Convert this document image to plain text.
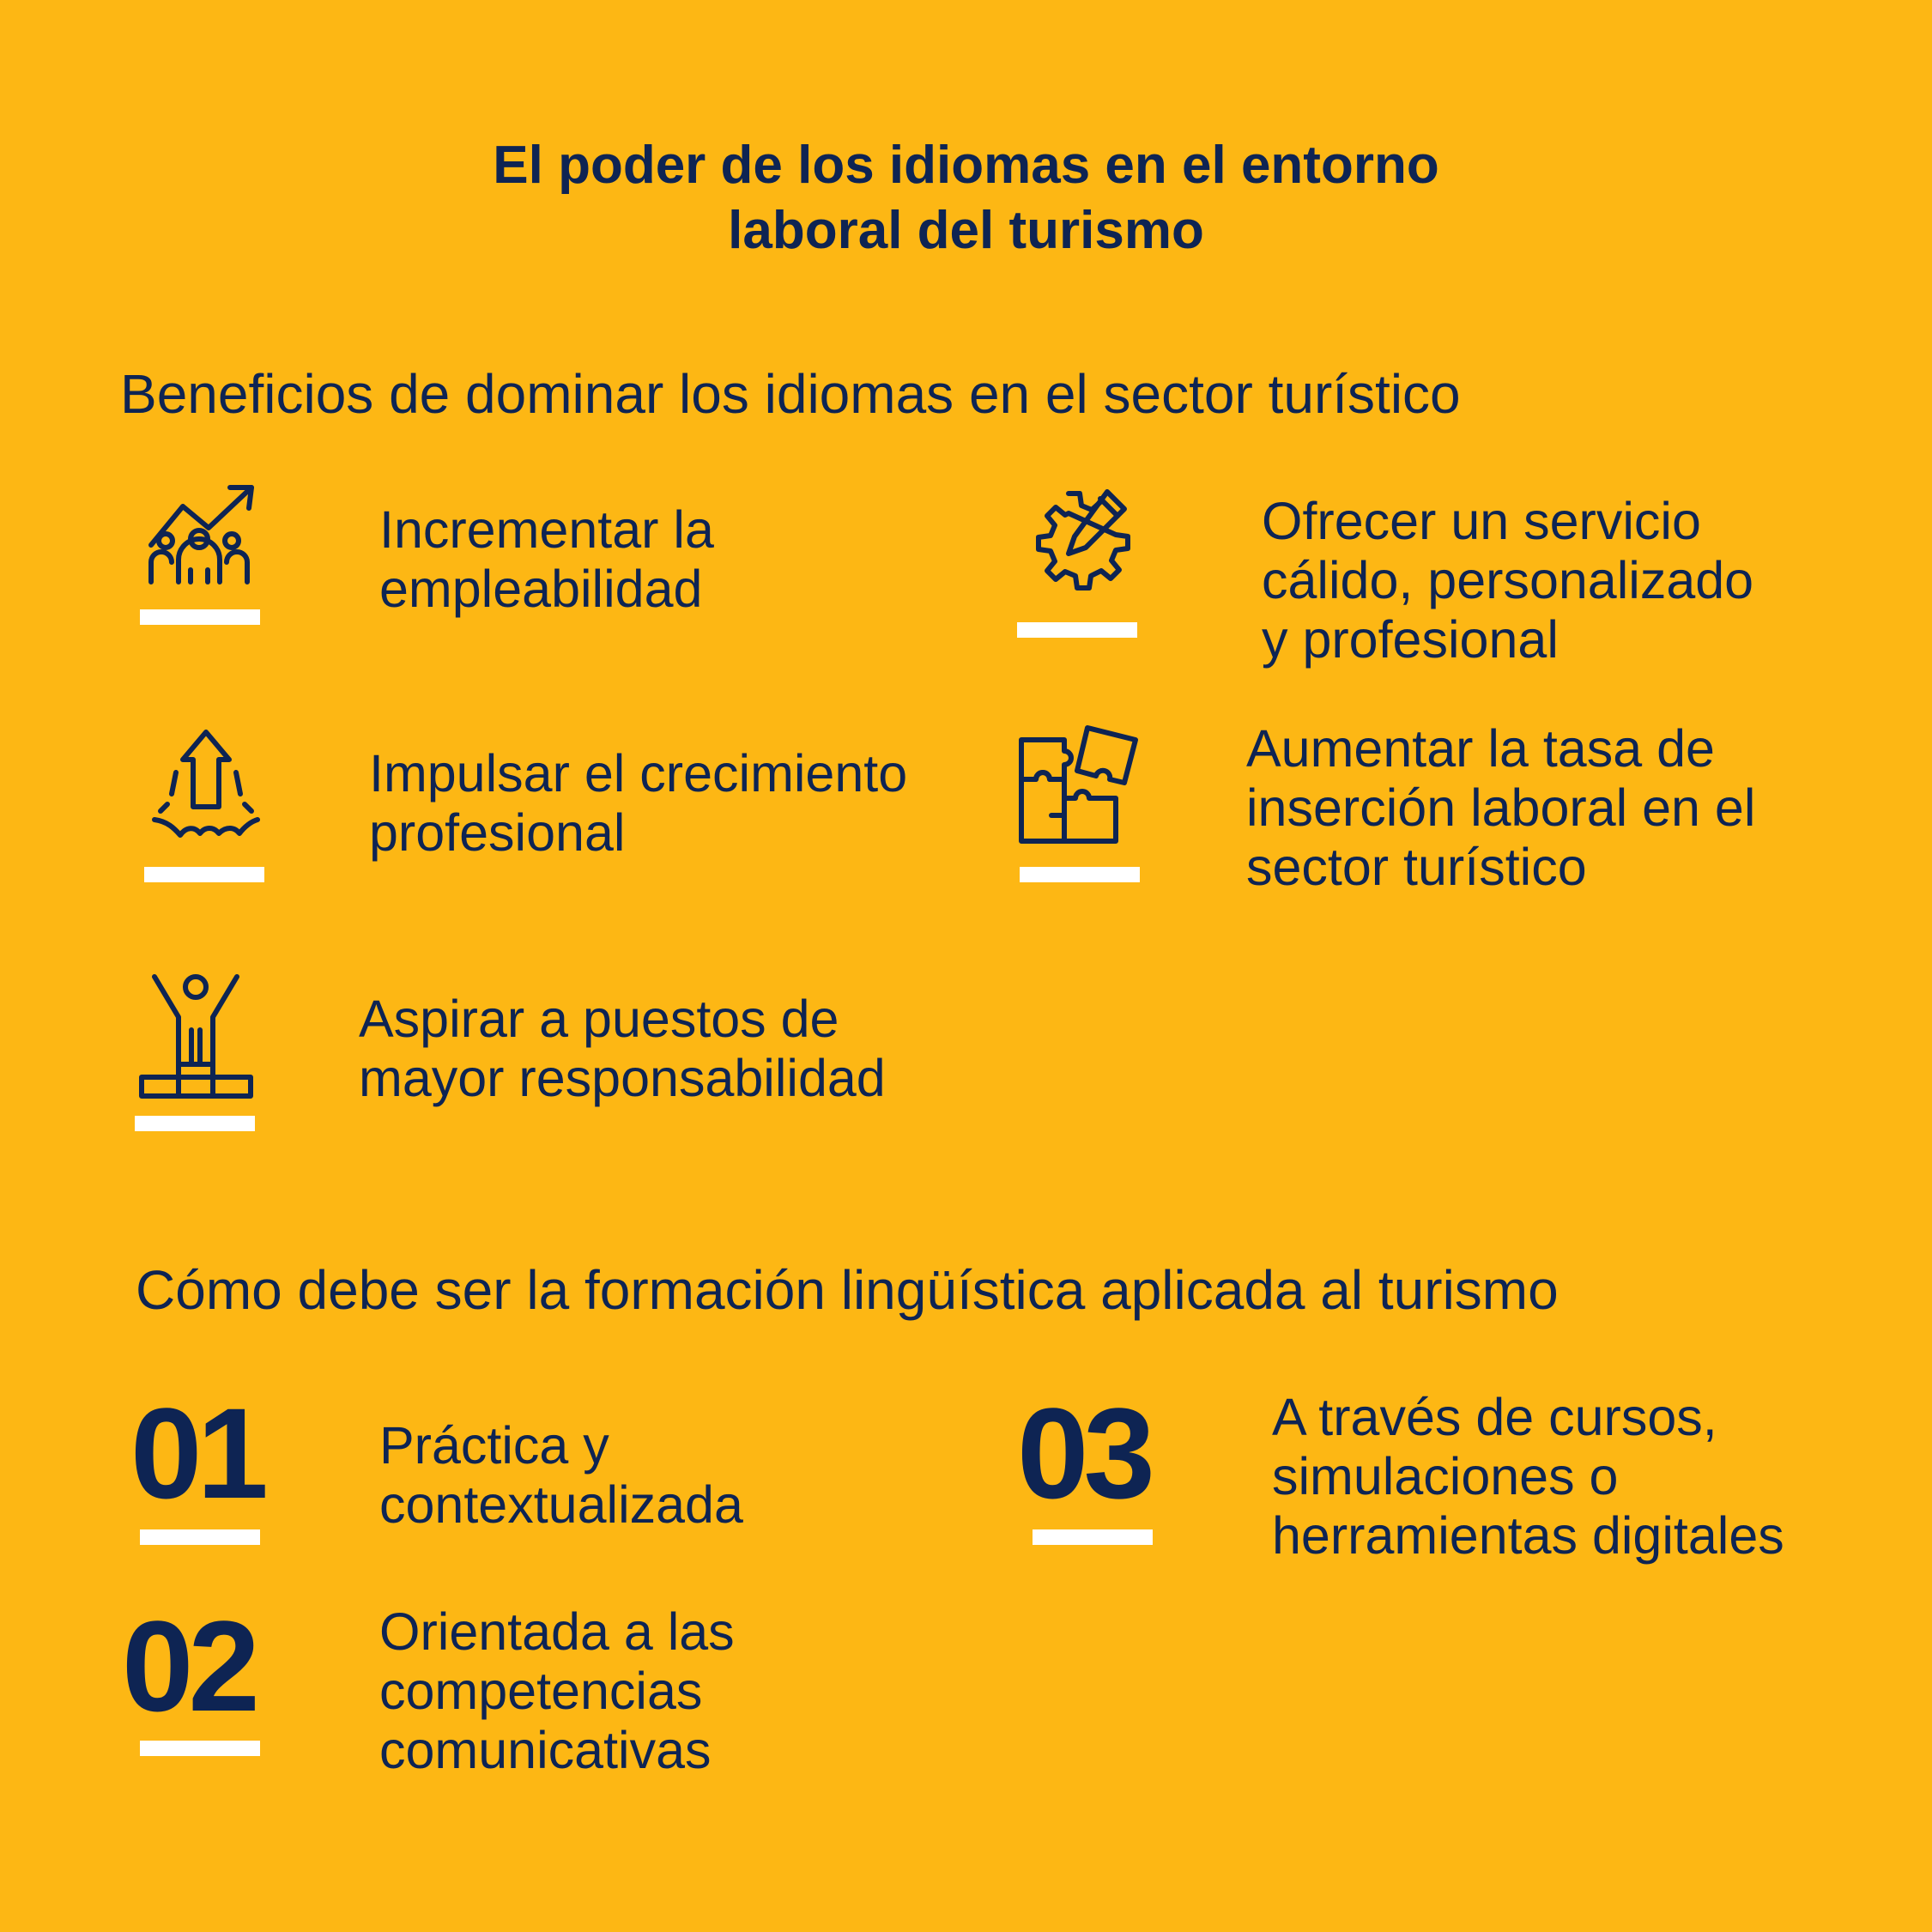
El poder de los idiomas en el entorno
laboral del turismo
Beneficios de dominar los idiomas en el sector turístico
Incrementar la
empleabilidad
Ofrecer un servicio
cálido, personalizado
y profesional
Impulsar el crecimiento
profesional
Aumentar la tasa de
inserción laboral en el
sector turístico
Aspirar a puestos de
mayor responsabilidad
Cómo debe ser la formación lingüística aplicada al turismo
01 Práctica y
contextualizada 03 A través de cursos,
simulaciones o
herramientas digitales
02 Orientada a las
competencias
comunicativas
